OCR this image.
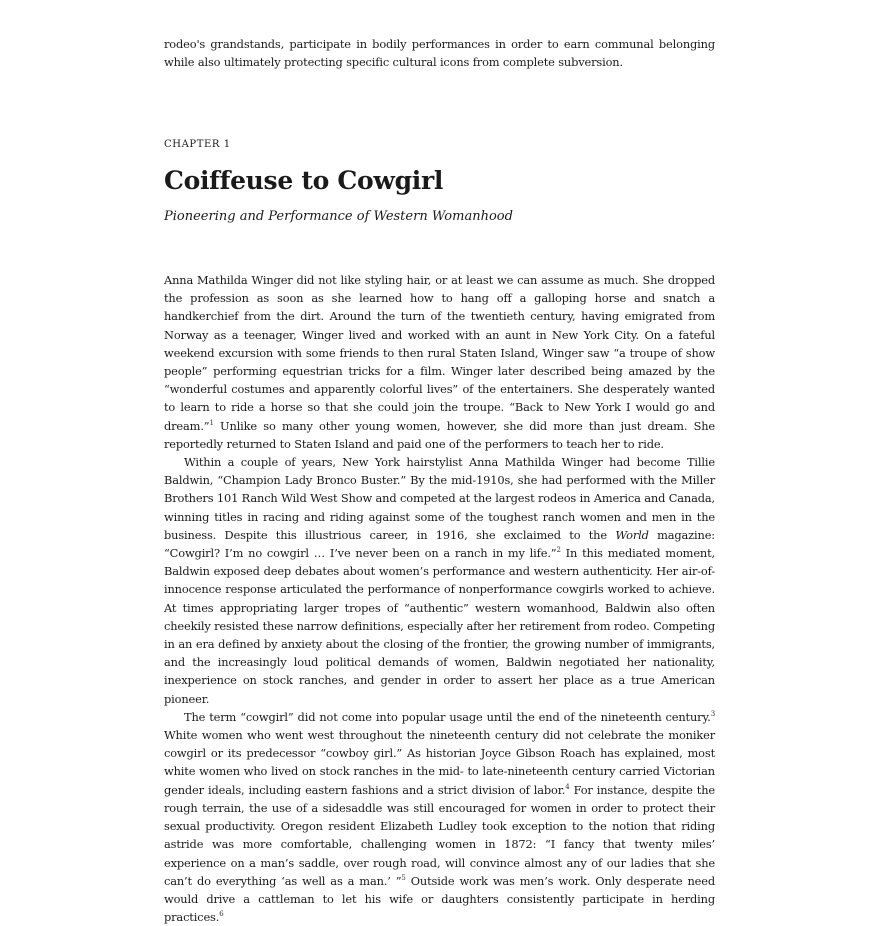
rodeo's grandstands, participate in bodily performances in order to earn communal belonging while also ultimately protecting specific cultural icons from complete subversion.
CHAPTER 1
Coiffeuse to Cowgirl
Pioneering and Performance of Western Womanhood

Anna Mathilda Winger did not like styling hair, or at least we can assume as much. She dropped the profession as soon as she learned how to hang off a galloping horse and snatch a handkerchief from the dirt. Around the turn of the twentieth century, having emigrated from Norway as a teenager, Winger lived and worked with an aunt in New York City. On a fateful weekend excursion with some friends to then rural Staten Island, Winger saw “a troupe of show people” performing equestrian tricks for a film. Winger later described being amazed by the “wonderful costumes and apparently colorful lives” of the entertainers. She desperately wanted to learn to ride a horse so that she could join the troupe. “Back to New York I would go and dream.”$^1$ Unlike so many other young women, however, she did more than just dream. She reportedly returned to Staten Island and paid one of the performers to teach her to ride.

Within a couple of years, New York hairstylist Anna Mathilda Winger had become Tillie Baldwin, “Champion Lady Bronco Buster.” By the mid-1910s, she had performed with the Miller Brothers 101 Ranch Wild West Show and competed at the largest rodeos in America and Canada, winning titles in racing and riding against some of the toughest ranch women and men in the business. Despite this illustrious career, in 1916, she exclaimed to the World magazine: “Cowgirl? I’m no cowgirl … I’ve never been on a ranch in my life.”$^2$ In this mediated moment, Baldwin exposed deep debates about women’s performance and western authenticity. Her air-of-innocence response articulated the performance of nonperformance cowgirls worked to achieve. At times appropriating larger tropes of “authentic” western womanhood, Baldwin also often cheekily resisted these narrow definitions, especially after her retirement from rodeo. Competing in an era defined by anxiety about the closing of the frontier, the growing number of immigrants, and the increasingly loud political demands of women, Baldwin negotiated her nationality, inexperience on stock ranches, and gender in order to assert her place as a true American pioneer.

The term “cowgirl” did not come into popular usage until the end of the nineteenth century.$^3$ White women who went west throughout the nineteenth century did not celebrate the moniker cowgirl or its predecessor “cowboy girl.” As historian Joyce Gibson Roach has explained, most white women who lived on stock ranches in the mid- to late-nineteenth century carried Victorian gender ideals, including eastern fashions and a strict division of labor.$^4$ For instance, despite the rough terrain, the use of a sidesaddle was still encouraged for women in order to protect their sexual productivity. Oregon resident Elizabeth Ludley took exception to the notion that riding astride was more comfortable, challenging women in 1872: “I fancy that twenty miles’ experience on a man’s saddle, over rough road, will convince almost any of our ladies that she can’t do everything ‘as well as a man.’ ”$^5$ Outside work was men’s work. Only desperate need would drive a cattleman to let his wife or daughters consistently participate in herding practices.$^6$
